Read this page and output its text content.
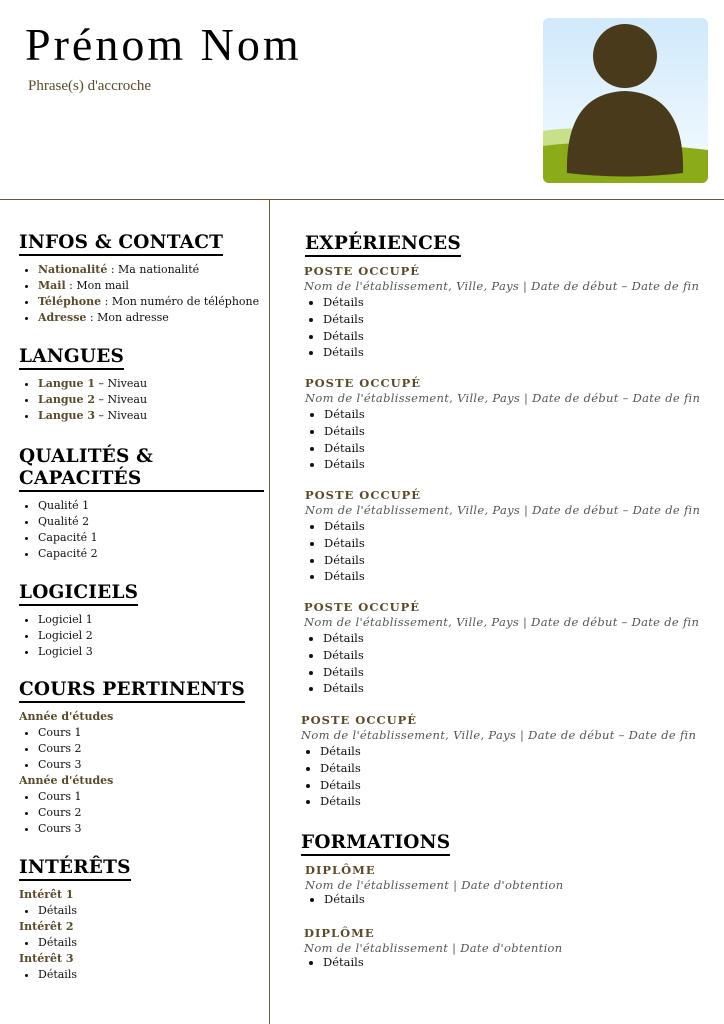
Prénom Nom
Phrase(s) d'accroche
INFOS & CONTACT
• Nationalité : Ma nationalité
• Mail : Mon mail
• Téléphone : Mon numéro de téléphone
• Adresse : Mon adresse
LANGUES
• Langue 1 – Niveau
• Langue 2 – Niveau
• Langue 3 – Niveau
QUALITÉS & CAPACITÉS
• Qualité 1
• Qualité 2
• Capacité 1
• Capacité 2
LOGICIELS
• Logiciel 1
• Logiciel 2
• Logiciel 3
COURS PERTINENTS
Année d'études
• Cours 1
• Cours 2
• Cours 3
Année d'études
• Cours 1
• Cours 2
• Cours 3
INTÉRÊTS
Intérêt 1
• Détails
Intérêt 2
• Détails
Intérêt 3
• Détails
EXPÉRIENCES
POSTE OCCUPÉ
Nom de l'établissement, Ville, Pays | Date de début – Date de fin
• Détails
• Détails
• Détails
• Détails
POSTE OCCUPÉ
Nom de l'établissement, Ville, Pays | Date de début – Date de fin
• Détails
• Détails
• Détails
• Détails
POSTE OCCUPÉ
Nom de l'établissement, Ville, Pays | Date de début – Date de fin
• Détails
• Détails
• Détails
• Détails
POSTE OCCUPÉ
Nom de l'établissement, Ville, Pays | Date de début – Date de fin
• Détails
• Détails
• Détails
• Détails
POSTE OCCUPÉ
Nom de l'établissement, Ville, Pays | Date de début – Date de fin
• Détails
• Détails
• Détails
• Détails
FORMATIONS
DIPLÔME
Nom de l'établissement | Date d'obtention
• Détails
DIPLÔME
Nom de l'établissement | Date d'obtention
• Détails
